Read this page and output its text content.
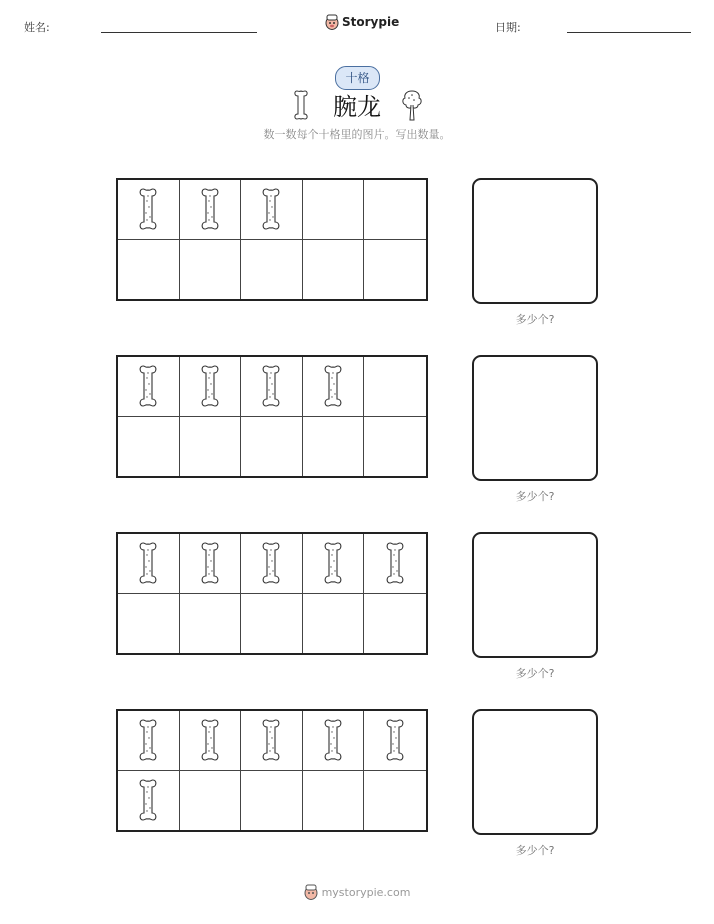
姓名:	Storypie	日期:
十格
腕龙
数一数每个十格里的图片。写出数量。
多少个?
多少个?
多少个?
多少个?
mystorypie.com
